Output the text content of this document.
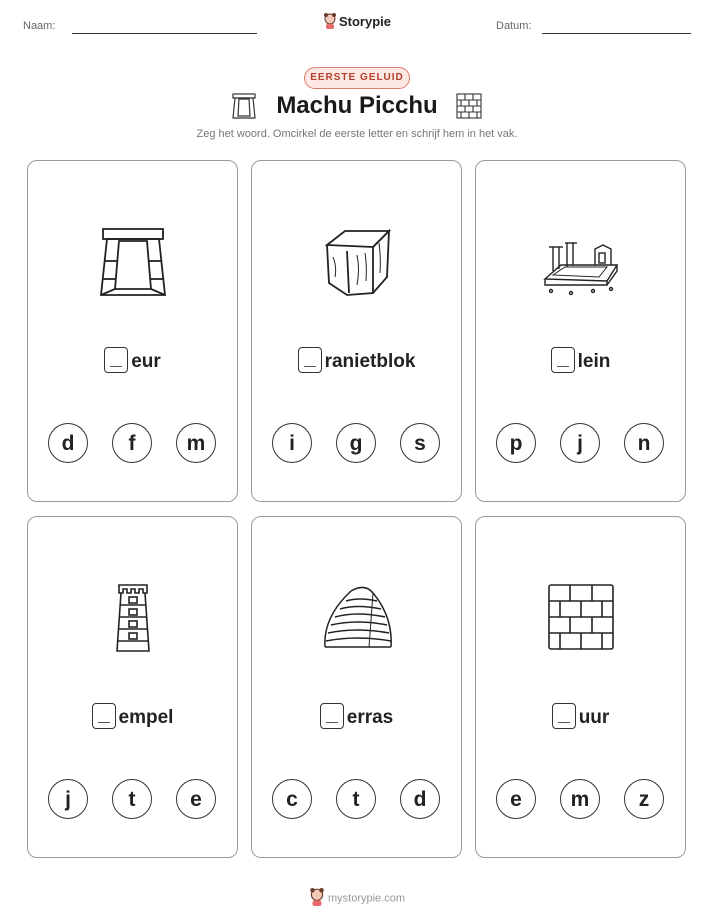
Naam:	Datum:
Storypie
EERSTE GELUID
Machu Picchu
Zeg het woord. Omcirkel de eerste letter en schrijf hem in het vak.
eur
d	f	m
ranietblok
i	g	s
lein
p	j	n
empel
j	t	e
erras
c	t	d
uur
e	m	z
mystorypie.com
